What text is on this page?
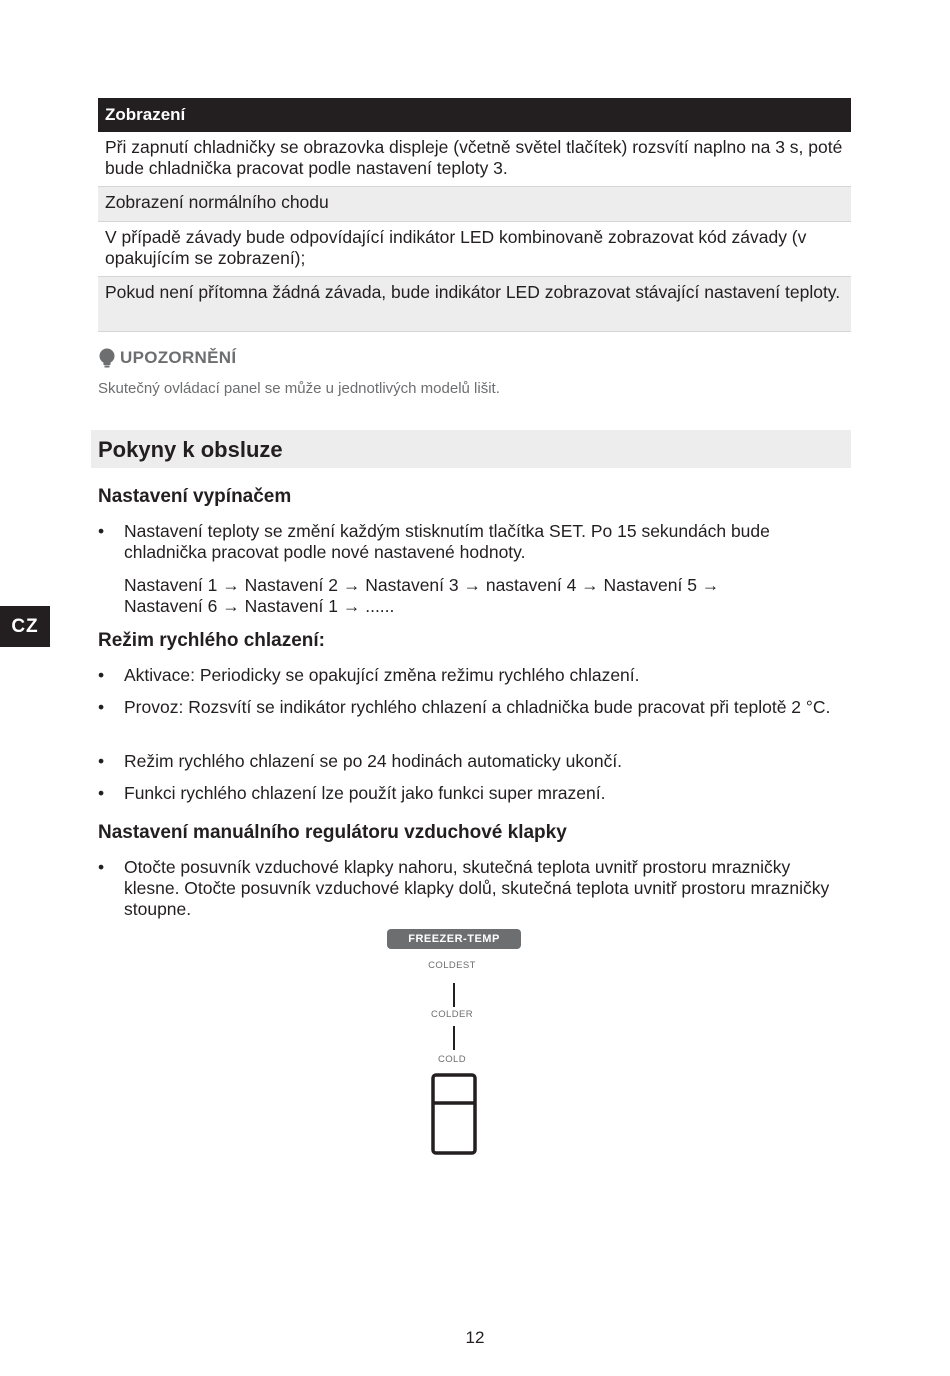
Zobrazení
Při zapnutí chladničky se obrazovka displeje (včetně světel tlačítek) rozsvítí naplno na 3 s, poté bude chladnička pracovat podle nastavení teploty 3.
Zobrazení normálního chodu
V případě závady bude odpovídající indikátor LED kombinovaně zobrazovat kód závady (v opakujícím se zobrazení);
Pokud není přítomna žádná závada, bude indikátor LED zobrazovat stávající nastavení teploty.
UPOZORNĚNÍ
Skutečný ovládací panel se může u jednotlivých modelů lišit.
Pokyny k obsluze
Nastavení vypínačem
•	Nastavení teploty se změní každým stisknutím tlačítka SET. Po 15 sekundách bude chladnička pracovat podle nové nastavené hodnoty.
Nastavení 1 → Nastavení 2 → Nastavení 3 → nastavení 4 → Nastavení 5 → Nastavení 6 → Nastavení 1 → ......
CZ
Režim rychlého chlazení:
•	Aktivace: Periodicky se opakující změna režimu rychlého chlazení.
•	Provoz: Rozsvítí se indikátor rychlého chlazení a chladnička bude pracovat při teplotě 2 °C.
•	Režim rychlého chlazení se po 24 hodinách automaticky ukončí.
•	Funkci rychlého chlazení lze použít jako funkci super mrazení.
Nastavení manuálního regulátoru vzduchové klapky
•	Otočte posuvník vzduchové klapky nahoru, skutečná teplota uvnitř prostoru mrazničky klesne. Otočte posuvník vzduchové klapky dolů, skutečná teplota uvnitř prostoru mrazničky stoupne.
FREEZER-TEMP
COLDEST
COLDER
COLD
12
